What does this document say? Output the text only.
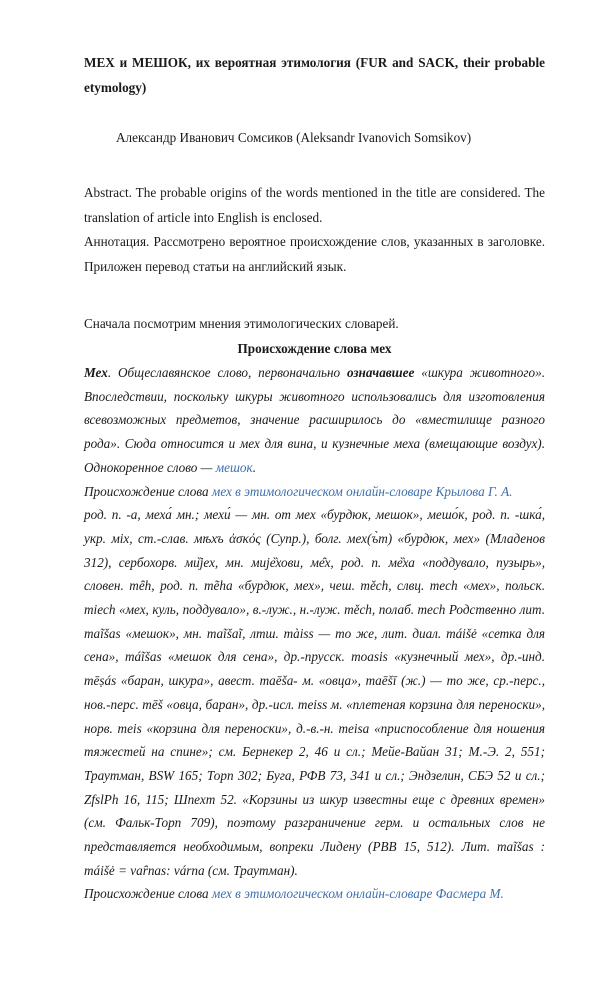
МЕХ и МЕШОК, их вероятная этимология (FUR and SACK, their probable etymology)

Александр Иванович Сомсиков (Aleksandr Ivanovich Somsikov)

Abstract. The probable origins of the words mentioned in the title are considered. The translation of article into English is enclosed.

Аннотация. Рассмотрено вероятное происхождение слов, указанных в заголовке. Приложен перевод статьи на английский язык.

Сначала посмотрим мнения этимологических словарей.

Происхождение слова мех

Мех. Общеславянское слово, первоначально означавшее «шкура животного». Впоследствии, поскольку шкуры животного использовались для изготовления всевозможных предметов, значение расширилось до «вместилище разного рода». Сюда относится и мех для вина, и кузнечные меха (вмещающие воздух). Однокоренное слово — мешок.

Происхождение слова мех в этимологическом онлайн-словаре Крылова Г. А.

род. п. -а, меха́ мн.; мехи́ — мн. от мех «бурдюк, мешок», мешо́к, род. п. -шка́, укр. мiх, ст.-слав. мѣхъ ἀσκός (Супр.), болг. мех(ъ̀т) «бурдюк, мех» (Младенов 312), сербохорв. ми̏јех, мн. мије̏хови, ме̑х, род. п. ме̏ха «поддувало, пузырь», словен. mȇh, род. п. mẽha «бурдюк, мех», чеш. měch, слвц. mech «мех», польск. miech «мех, куль, поддувало», в.-луж., н.-луж. měch, полаб. mech Родственно лит. maĩšas «мешок», мн. maĩšaĩ, лтш. màiss — то же, лит. диал. máišė «сетка для сена», máĩšas «мешок для сена», др.-прусск. moasis «кузнечный мех», др.-инд. mēṣás «баран, шкура», авест. maēša- м. «овца», maēšī (ж.) — то же, ср.-перс., нов.-перс. mēš «овца, баран», др.-исл. meiss м. «плетеная корзина для переноски», норв. meis «корзина для переноски», д.-в.-н. meisa «приспособление для ношения тяжестей на спине»; см. Бернекер 2, 46 и сл.; Мейе-Вайан 31; М.-Э. 2, 551; Траутман, BSW 165; Торп 302; Буга, РФВ 73, 341 и сл.; Эндзелин, СБЭ 52 и сл.; ZfslPh 16, 115; Шпехт 52. «Корзины из шкур известны еще с древних времен» (см. Фальк-Торп 709), поэтому разграничение герм. и остальных слов не представляется необходимым, вопреки Лидену (PBB 15, 512). Лит. maĩšas : máišė = vaȓnas: várna (см. Траутман).

Происхождение слова мех в этимологическом онлайн-словаре Фасмера М.
